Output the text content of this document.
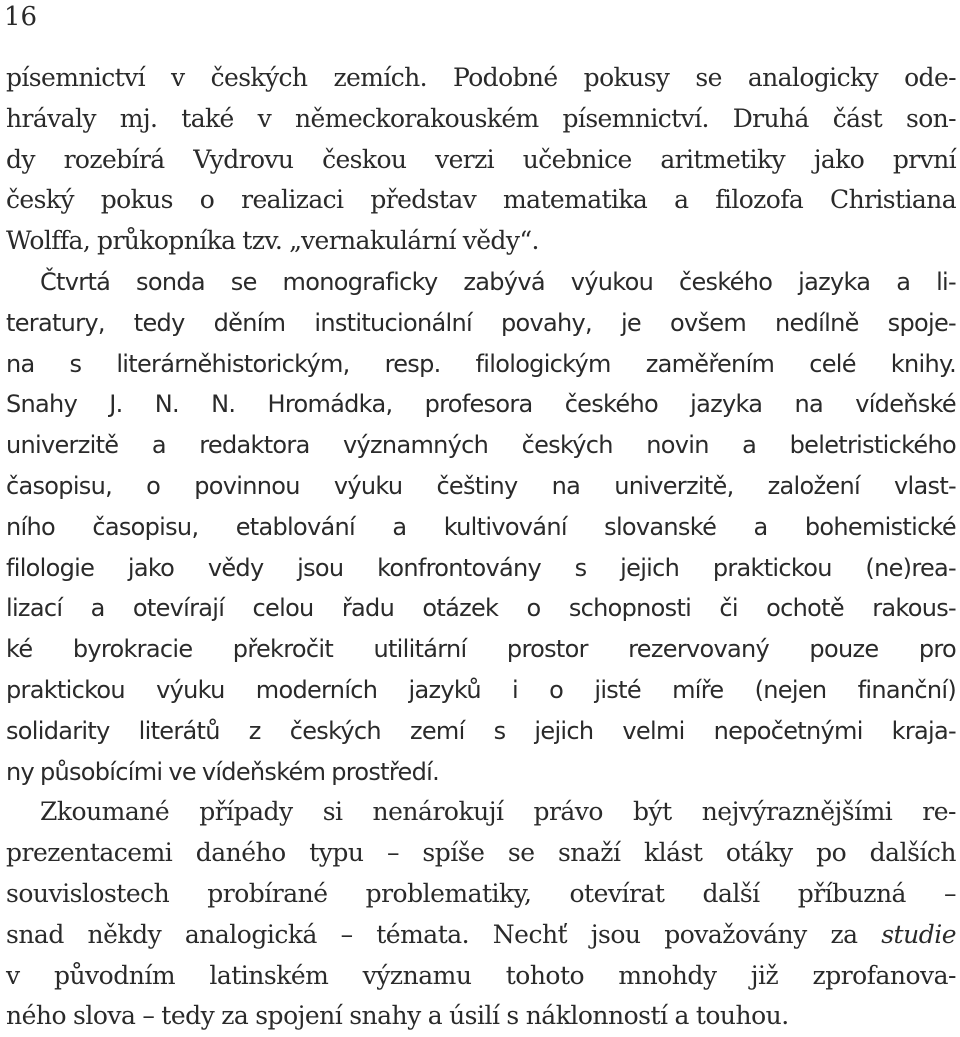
16
písemnictví v českých zemích. Podobné pokusy se analogicky ode-
hrávaly mj. také v německorakouském písemnictví. Druhá část son-
dy rozebírá Vydrovu českou verzi učebnice aritmetiky jako první
český pokus o realizaci představ matematika a filozofa Christiana
Wolffa, průkopníka tzv. „vernakulární vědy“.
Čtvrtá sonda se monograficky zabývá výukou českého jazyka a li-
teratury, tedy děním institucionální povahy, je ovšem nedílně spoje-
na s literárněhistorickým, resp. filologickým zaměřením celé knihy.
Snahy J. N. N. Hromádka, profesora českého jazyka na vídeňské
univerzitě a redaktora významných českých novin a beletristického
časopisu, o povinnou výuku češtiny na univerzitě, založení vlast-
ního časopisu, etablování a kultivování slovanské a bohemistické
filologie jako vědy jsou konfrontovány s jejich praktickou (ne)rea-
lizací a otevírají celou řadu otázek o schopnosti či ochotě rakous-
ké byrokracie překročit utilitární prostor rezervovaný pouze pro
praktickou výuku moderních jazyků i o jisté míře (nejen finanční)
solidarity literátů z českých zemí s jejich velmi nepočetnými kraja-
ny působícími ve vídeňském prostředí.
Zkoumané případy si nenárokují právo být nejvýraznějšími re-
prezentacemi daného typu – spíše se snaží klást otáky po dalších
souvislostech probírané problematiky, otevírat další příbuzná –
snad někdy analogická – témata. Nechť jsou považovány za studie
v původním latinském významu tohoto mnohdy již zprofanova-
ného slova – tedy za spojení snahy a úsilí s náklonností a touhou.
